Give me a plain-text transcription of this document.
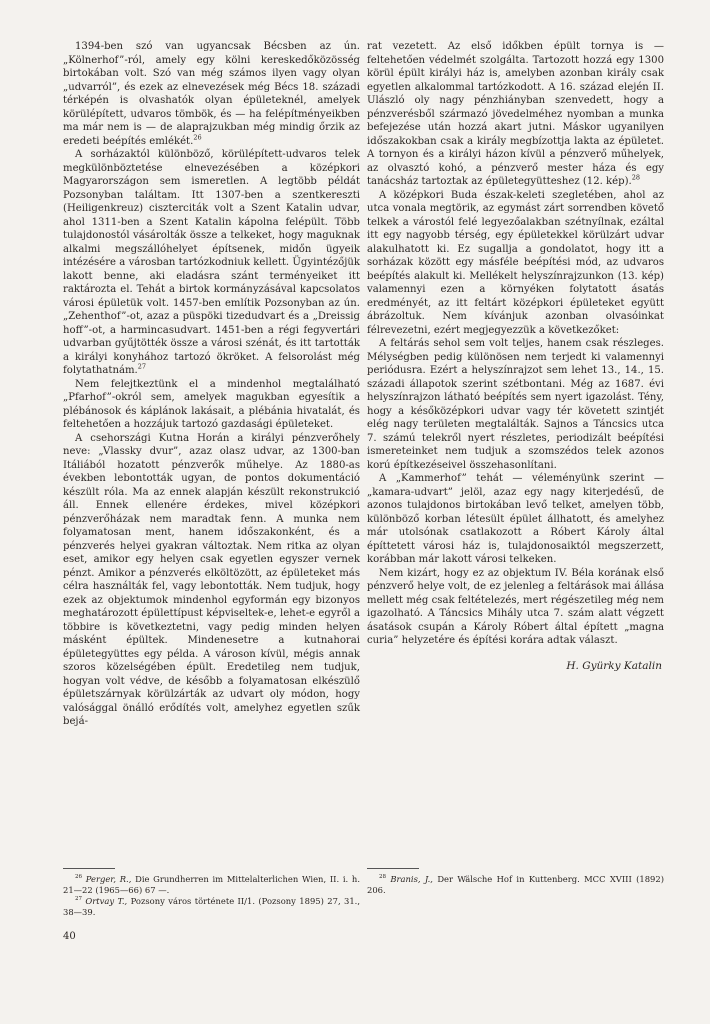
1394-ben szó van ugyancsak Bécsben az ún. „Kölnerhof”-ról, amely egy kölni kereskedőközösség birtokában volt. Szó van még számos ilyen vagy olyan „udvarról”, és ezek az elnevezések még Bécs 18. századi térképén is olvashatók olyan épületeknél, amelyek körülépített, udvaros tömbök, és — ha felépítményeikben ma már nem is — de alaprajzukban még mindig őrzik az eredeti beépítés emlékét.$^{26}$

A sorházaktól különböző, körülépített-udvaros telek megkülönböztetése elnevezésében a középkori Magyarországon sem ismeretlen. A legtöbb példát Pozsonyban találtam. Itt 1307-ben a szentkereszti (Heiligenkreuz) ciszterciták volt a Szent Katalin udvar, ahol 1311-ben a Szent Katalin kápolna felépült. Több tulajdonostól vásárolták össze a telkeket, hogy maguknak alkalmi megszállóhelyet építsenek, midőn ügyeik intézésére a városban tartózkodniuk kellett. Ügyintézőjük lakott benne, aki eladásra szánt terményeiket itt raktározta el. Tehát a birtok kormányzásával kapcsolatos városi épületük volt. 1457-ben említik Pozsonyban az ún. „Zehenthof”-ot, azaz a püspöki tizedudvart és a „Dreissig hoff”-ot, a harmincasudvart. 1451-ben a régi fegyvertári udvarban gyűjtötték össze a városi szénát, és itt tartották a királyi konyhához tartozó ökröket. A felsorolást még folytathatnám.$^{27}$

Nem felejtkeztünk el a mindenhol megtalálható „Pfarhof”-okról sem, amelyek magukban egyesítik a plébánosok és káplánok lakásait, a plébánia hivatalát, és feltehetően a hozzájuk tartozó gazdasági épületeket.

A csehországi Kutna Horán a királyi pénzverőhely neve: „Vlassky dvur”, azaz olasz udvar, az 1300-ban Itáliából hozatott pénzverők műhelye. Az 1880-as években lebontották ugyan, de pontos dokumentáció készült róla. Ma az ennek alapján készült rekonstrukció áll. Ennek ellenére érdekes, mivel középkori pénzverőházak nem maradtak fenn. A munka nem folyamatosan ment, hanem időszakonként, és a pénzverés helyei gyakran változtak. Nem ritka az olyan eset, amikor egy helyen csak egyetlen egyszer vernek pénzt. Amikor a pénzverés elköltözött, az épületeket más célra használták fel, vagy lebontották. Nem tudjuk, hogy ezek az objektumok mindenhol egyformán egy bizonyos meghatározott épülettípust képviseltek-e, lehet-e egyről a többire is következtetni, vagy pedig minden helyen másként épültek. Mindenesetre a kutnahorai épületegyüttes egy példa. A városon kívül, mégis annak szoros közelségében épült. Eredetileg nem tudjuk, hogyan volt védve, de később a folyamatosan elkészülő épületszárnyak körülzárták az udvart oly módon, hogy valósággal önálló erődítés volt, amelyhez egyetlen szűk bejá-

rat vezetett. Az első időkben épült tornya is — feltehetően védelmét szolgálta. Tartozott hozzá egy 1300 körül épült királyi ház is, amelyben azonban király csak egyetlen alkalommal tartózkodott. A 16. század elején II. Ulászló oly nagy pénzhiányban szenvedett, hogy a pénzverésből származó jövedelméhez nyomban a munka befejezése után hozzá akart jutni. Máskor ugyanilyen időszakokban csak a király megbízottja lakta az épületet. A tornyon és a királyi házon kívül a pénzverő műhelyek, az olvasztó kohó, a pénzverő mester háza és egy tanácsház tartoztak az épületegyütteshez (12. kép).$^{28}$

A középkori Buda észak-keleti szegletében, ahol az utca vonala megtörik, az egymást zárt sorrendben követő telkek a várostól felé legyezőalakban szétnyílnak, ezáltal itt egy nagyobb térség, egy épületekkel körülzárt udvar alakulhatott ki. Ez sugallja a gondolatot, hogy itt a sorházak között egy másféle beépítési mód, az udvaros beépítés alakult ki. Mellékelt helyszínrajzunkon (13. kép) valamennyi ezen a környéken folytatott ásatás eredményét, az itt feltárt középkori épületeket együtt ábrázoltuk. Nem kívánjuk azonban olvasóinkat félrevezetni, ezért megjegyezzük a következőket:

A feltárás sehol sem volt teljes, hanem csak részleges. Mélységben pedig különösen nem terjedt ki valamennyi periódusra. Ezért a helyszínrajzot sem lehet 13., 14., 15. századi állapotok szerint szétbontani. Még az 1687. évi helyszínrajzon látható beépítés sem nyert igazolást. Tény, hogy a későközépkori udvar vagy tér követett szintjét elég nagy területen megtalálták. Sajnos a Táncsics utca 7. számú telekről nyert részletes, periodizált beépítési ismereteinket nem tudjuk a szomszédos telek azonos korú építkezéseivel összehasonlítani.

A „Kammerhof” tehát — véleményünk szerint — „kamara-udvart” jelöl, azaz egy nagy kiterjedésű, de azonos tulajdonos birtokában levő telket, amelyen több, különböző korban létesült épület állhatott, és amelyhez már utolsónak csatlakozott a Róbert Károly által építtetett városi ház is, tulajdonosaiktól megszerzett, korábban már lakott városi telkeken.

Nem kizárt, hogy ez az objektum IV. Béla korának első pénzverő helye volt, de ez jelenleg a feltárások mai állása mellett még csak feltételezés, mert régészetileg még nem igazolható. A Táncsics Mihály utca 7. szám alatt végzett ásatások csupán a Károly Róbert által épített „magna curia” helyzetére és építési korára adtak választ.

H. Gyürky Katalin

$^{26}$ Perger, R., Die Grundherren im Mittelalterlichen Wien, II. i. h. 21—22 (1965—66) 67 —.

$^{27}$ Ortvay T., Pozsony város története II/1. (Pozsony 1895) 27, 31., 38—39.

$^{28}$ Branis, J., Der Wälsche Hof in Kuttenberg. MCC XVIII (1892) 206.

40
